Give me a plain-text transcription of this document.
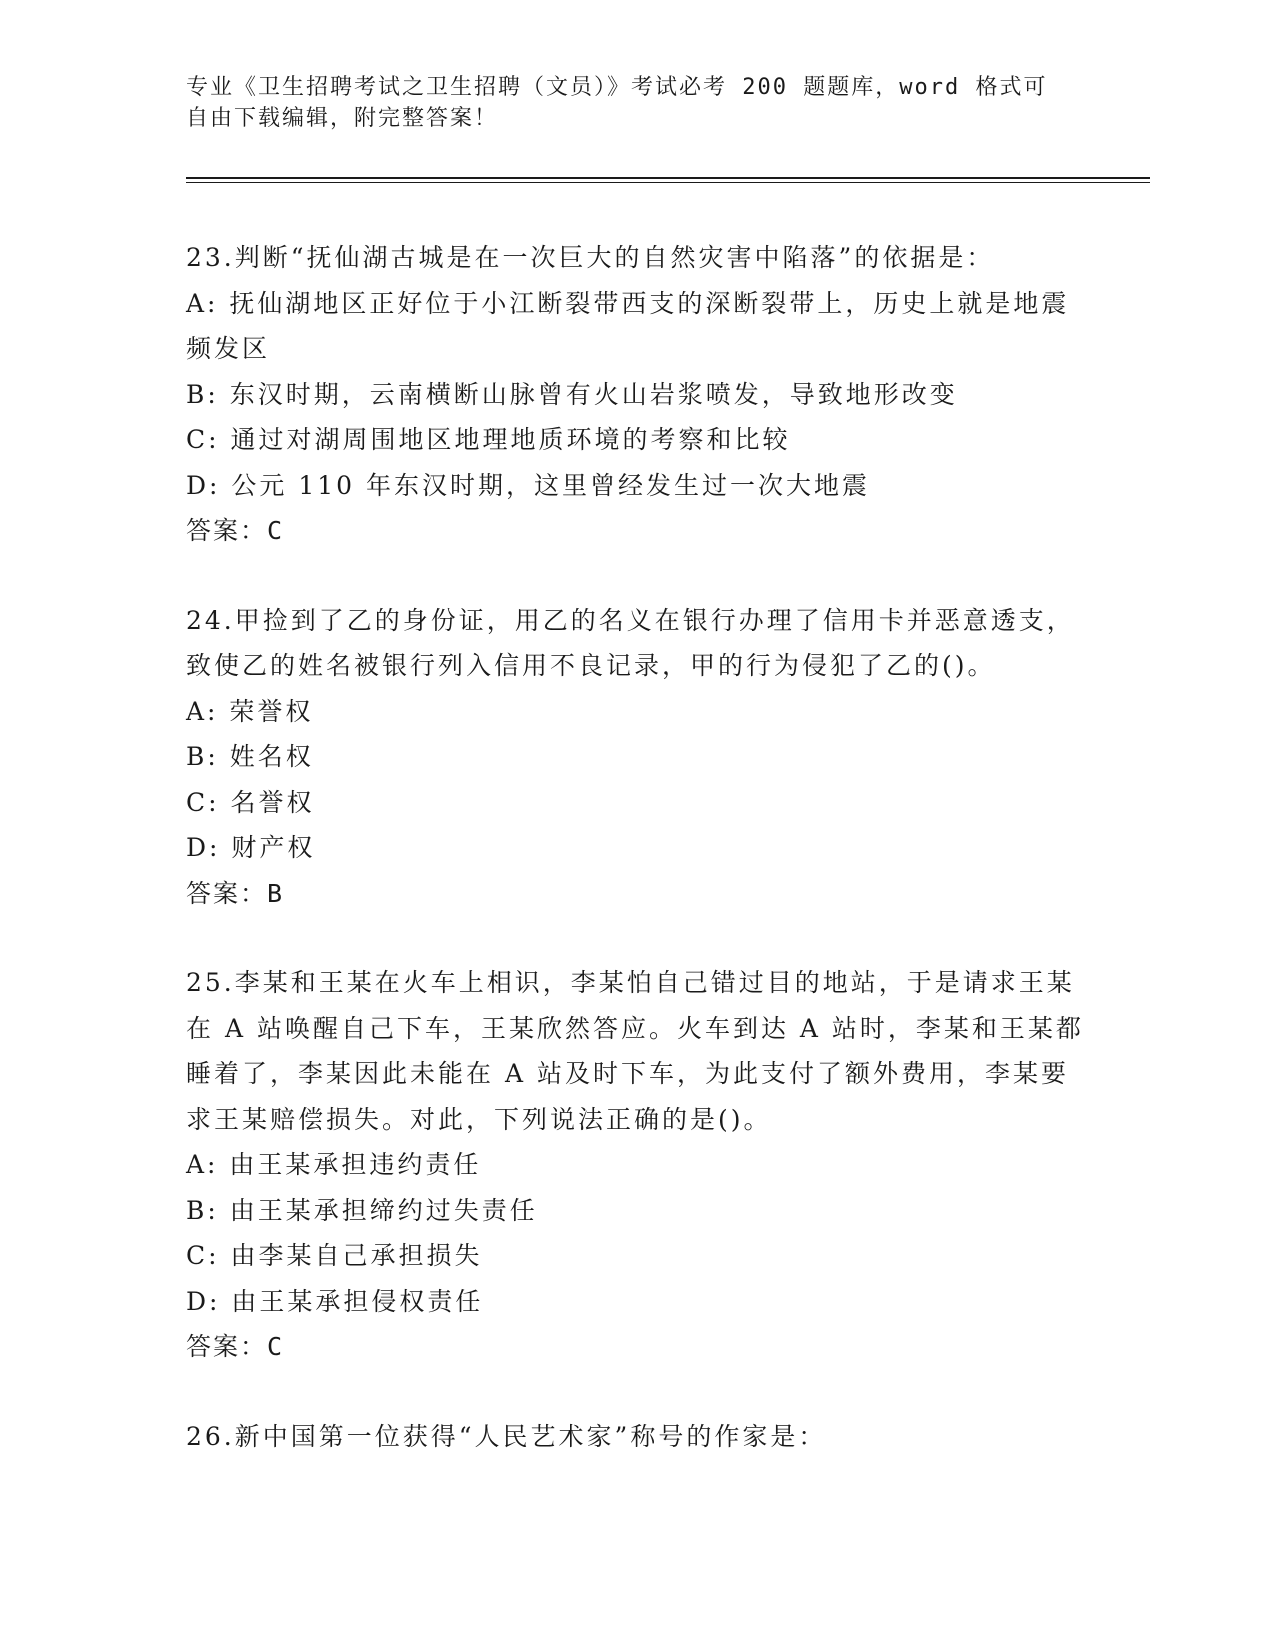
专业《卫生招聘考试之卫生招聘（文员）》考试必考 200 题题库，word 格式可自由下载编辑，附完整答案！
23.判断“抚仙湖古城是在一次巨大的自然灾害中陷落”的依据是：
A: 抚仙湖地区正好位于小江断裂带西支的深断裂带上，历史上就是地震频发区
B: 东汉时期，云南横断山脉曾有火山岩浆喷发，导致地形改变
C: 通过对湖周围地区地理地质环境的考察和比较
D: 公元 110 年东汉时期，这里曾经发生过一次大地震
答案：C
24.甲捡到了乙的身份证，用乙的名义在银行办理了信用卡并恶意透支，致使乙的姓名被银行列入信用不良记录，甲的行为侵犯了乙的()。
A: 荣誉权
B: 姓名权
C: 名誉权
D: 财产权
答案：B
25.李某和王某在火车上相识，李某怕自己错过目的地站，于是请求王某在 A 站唤醒自己下车，王某欣然答应。火车到达 A 站时，李某和王某都睡着了，李某因此未能在 A 站及时下车，为此支付了额外费用，李某要求王某赔偿损失。对此，下列说法正确的是()。
A: 由王某承担违约责任
B: 由王某承担缔约过失责任
C: 由李某自己承担损失
D: 由王某承担侵权责任
答案：C
26.新中国第一位获得“人民艺术家”称号的作家是：
